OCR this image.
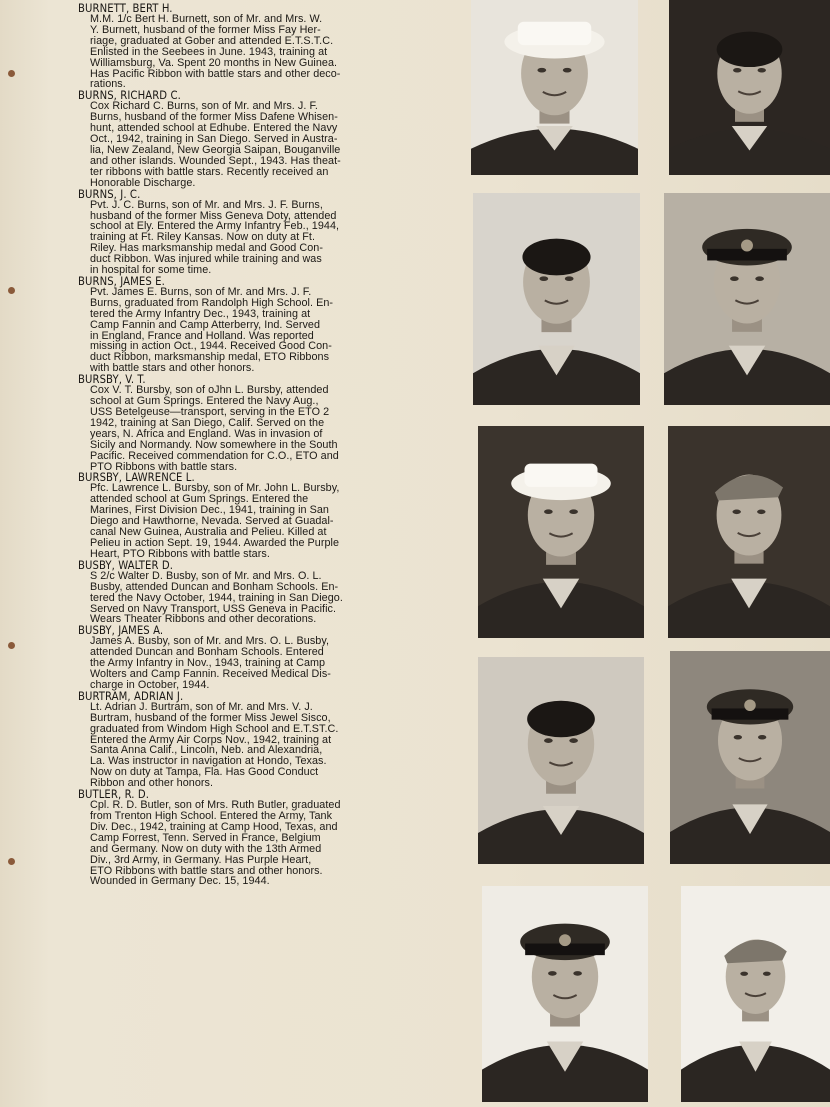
BURNETT, BERT H.

M.M. 1/c Bert H. Burnett, son of Mr. and Mrs. W.
Y. Burnett, husband of the former Miss Fay Her-
riage, graduated at Gober and attended E.T.S.T.C.
Enlisted in the Seebees in June. 1943, training at
Williamsburg, Va. Spent 20 months in New Guinea.
Has Pacific Ribbon with battle stars and other deco-
rations.

BURNS, RICHARD C.

Cox Richard C. Burns, son of Mr. and Mrs. J. F.
Burns, husband of the former Miss Dafene Whisen-
hunt, attended school at Edhube. Entered the Navy
Oct., 1942, training in San Diego. Served in Austra-
lia, New Zealand, New Georgia Saipan, Bouganville
and other islands. Wounded Sept., 1943. Has theat-
ter ribbons with battle stars. Recently received an
Honorable Discharge.

BURNS, J. C.

Pvt. J. C. Burns, son of Mr. and Mrs. J. F. Burns,
husband of the former Miss Geneva Doty, attended
school at Ely. Entered the Army Infantry Feb., 1944,
training at Ft. Riley Kansas. Now on duty at Ft.
Riley. Has marksmanship medal and Good Con-
duct Ribbon. Was injured while training and was
in hospital for some time.

BURNS, JAMES E.

Pvt. James E. Burns, son of Mr. and Mrs. J. F.
Burns, graduated from Randolph High School. En-
tered the Army Infantry Dec., 1943, training at
Camp Fannin and Camp Atterberry, Ind. Served
in England, France and Holland. Was reported
missing in action Oct., 1944. Received Good Con-
duct Ribbon, marksmanship medal, ETO Ribbons
with battle stars and other honors.

BURSBY, V. T.

Cox V. T. Bursby, son of oJhn L. Bursby, attended
school at Gum Springs. Entered the Navy Aug.,
USS Betelgeuse—transport, serving in the ETO 2
1942, training at San Diego, Calif. Served on the
years, N. Africa and England. Was in invasion of
Sicily and Normandy. Now somewhere in the South
Pacific. Received commendation for C.O., ETO and
PTO Ribbons with battle stars.

BURSBY, LAWRENCE L.

Pfc. Lawrence L. Bursby, son of Mr. John L. Bursby,
attended school at Gum Springs. Entered the
Marines, First Division Dec., 1941, training in San
Diego and Hawthorne, Nevada. Served at Guadal-
canal New Guinea, Australia and Pelieu. Killed at
Pelieu in action Sept. 19, 1944. Awarded the Purple
Heart, PTO Ribbons with battle stars.

BUSBY, WALTER D.

S 2/c Walter D. Busby, son of Mr. and Mrs. O. L.
Busby, attended Duncan and Bonham Schools. En-
tered the Navy October, 1944, training in San Diego.
Served on Navy Transport, USS Geneva in Pacific.
Wears Theater Ribbons and other decorations.

BUSBY, JAMES A.

James A. Busby, son of Mr. and Mrs. O. L. Busby,
attended Duncan and Bonham Schools. Entered
the Army Infantry in Nov., 1943, training at Camp
Wolters and Camp Fannin. Received Medical Dis-
charge in October, 1944.

BURTRAM, ADRIAN J.

Lt. Adrian J. Burtram, son of Mr. and Mrs. V. J.
Burtram, husband of the former Miss Jewel Sisco,
graduated from Windom High School and E.T.ST.C.
Entered the Army Air Corps Nov., 1942, training at
Santa Anna Calif., Lincoln, Neb. and Alexandria,
La. Was instructor in navigation at Hondo, Texas.
Now on duty at Tampa, Fla. Has Good Conduct
Ribbon and other honors.

BUTLER, R. D.

Cpl. R. D. Butler, son of Mrs. Ruth Butler, graduated
from Trenton High School. Entered the Army, Tank
Div. Dec., 1942, training at Camp Hood, Texas, and
Camp Forrest, Tenn. Served in France, Belgium
and Germany. Now on duty with the 13th Armed
Div., 3rd Army, in Germany. Has Purple Heart,
ETO Ribbons with battle stars and other honors.
Wounded in Germany Dec. 15, 1944.
